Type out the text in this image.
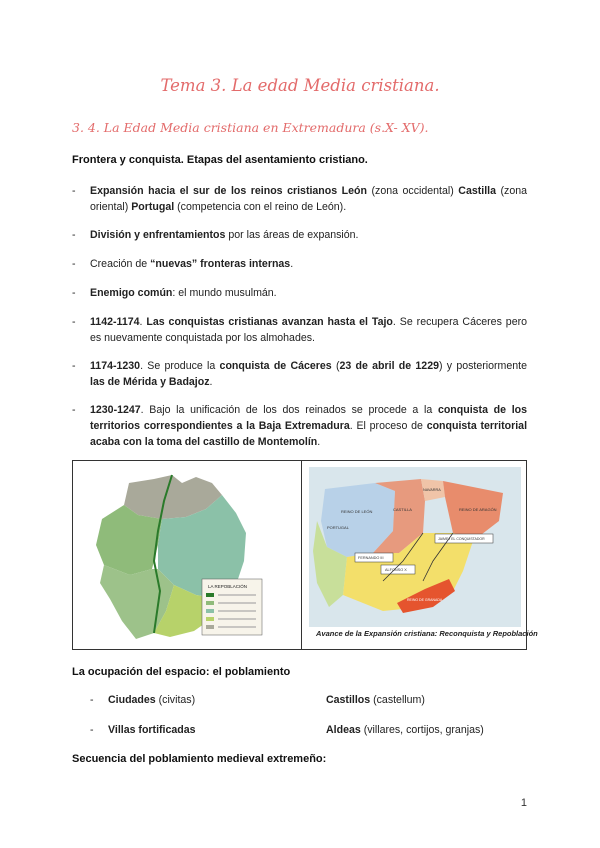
Tema 3. La edad Media cristiana.
3. 4. La Edad Media cristiana en Extremadura (s.X- XV).
Frontera y conquista. Etapas del asentamiento cristiano.
- Expansión hacia el sur de los reinos cristianos León (zona occidental) Castilla (zona oriental) Portugal (competencia con el reino de León).
- División y enfrentamientos por las áreas de expansión.
- Creación de “nuevas” fronteras internas.
- Enemigo común: el mundo musulmán.
- 1142-1174. Las conquistas cristianas avanzan hasta el Tajo. Se recupera Cáceres pero es nuevamente conquistada por los almohades.
- 1174-1230. Se produce la conquista de Cáceres (23 de abril de 1229) y posteriormente las de Mérida y Badajoz.
- 1230-1247. Bajo la unificación de los dos reinados se procede a la conquista de los territorios correspondientes a la Baja Extremadura. El proceso de conquista territorial acaba con la toma del castillo de Montemolín.
LA REPOBLACIÓN
PORTUGAL
REINO DE LEÓN
NAVARRA
REINO DE ARAGÓN
CASTILLA
JAIME I EL CONQUISTADOR
FERNANDO III
ALFONSO X
REINO DE GRANADA
Avance de la Expansión cristiana: Reconquista y Repoblación
La ocupación del espacio: el poblamiento
- Ciudades (civitas)	Castillos (castellum)
- Villas fortificadas	Aldeas (villares, cortijos, granjas)
Secuencia del poblamiento medieval extremeño:
1
